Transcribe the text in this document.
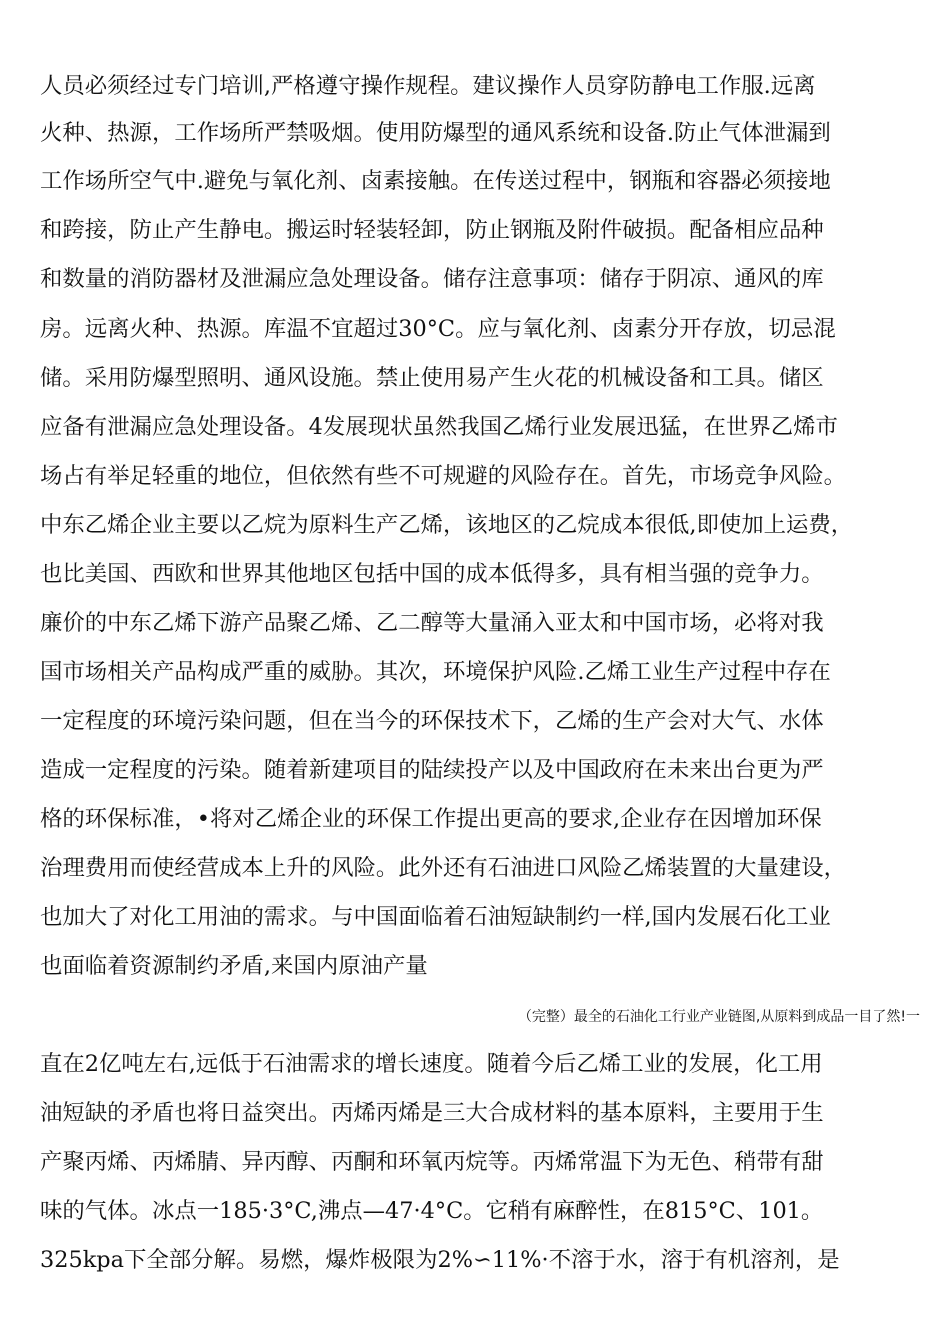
人员必须经过专门培训,严格遵守操作规程。建议操作人员穿防静电工作服.远离
火种、热源，工作场所严禁吸烟。使用防爆型的通风系统和设备.防止气体泄漏到
工作场所空气中.避免与氧化剂、卤素接触。在传送过程中，钢瓶和容器必须接地
和跨接，防止产生静电。搬运时轻装轻卸，防止钢瓶及附件破损。配备相应品种
和数量的消防器材及泄漏应急处理设备。储存注意事项：储存于阴凉、通风的库
房。远离火种、热源。库温不宜超过30°C。应与氧化剂、卤素分开存放，切忌混
储。采用防爆型照明、通风设施。禁止使用易产生火花的机械设备和工具。储区
应备有泄漏应急处理设备。4发展现状虽然我国乙烯行业发展迅猛，在世界乙烯市
场占有举足轻重的地位，但依然有些不可规避的风险存在。首先，市场竞争风险。
中东乙烯企业主要以乙烷为原料生产乙烯，该地区的乙烷成本很低,即使加上运费，
也比美国、西欧和世界其他地区包括中国的成本低得多，具有相当强的竞争力。
廉价的中东乙烯下游产品聚乙烯、乙二醇等大量涌入亚太和中国市场，必将对我
国市场相关产品构成严重的威胁。其次，环境保护风险.乙烯工业生产过程中存在
一定程度的环境污染问题，但在当今的环保技术下，乙烯的生产会对大气、水体
造成一定程度的污染。随着新建项目的陆续投产以及中国政府在未来出台更为严
格的环保标准，•将对乙烯企业的环保工作提出更高的要求,企业存在因增加环保
治理费用而使经营成本上升的风险。此外还有石油进口风险乙烯装置的大量建设，
也加大了对化工用油的需求。与中国面临着石油短缺制约一样,国内发展石化工业
也面临着资源制约矛盾,来国内原油产量
（完整）最全的石油化工行业产业链图,从原料到成品一目了然!一
直在2亿吨左右,远低于石油需求的增长速度。随着今后乙烯工业的发展，化工用
油短缺的矛盾也将日益突出。丙烯丙烯是三大合成材料的基本原料，主要用于生
产聚丙烯、丙烯腈、异丙醇、丙酮和环氧丙烷等。丙烯常温下为无色、稍带有甜
味的气体。冰点一185·3°C,沸点—47·4°C。它稍有麻醉性，在815°C、101。
325kpa下全部分解。易燃，爆炸极限为2%∽11%·不溶于水，溶于有机溶剂，是
